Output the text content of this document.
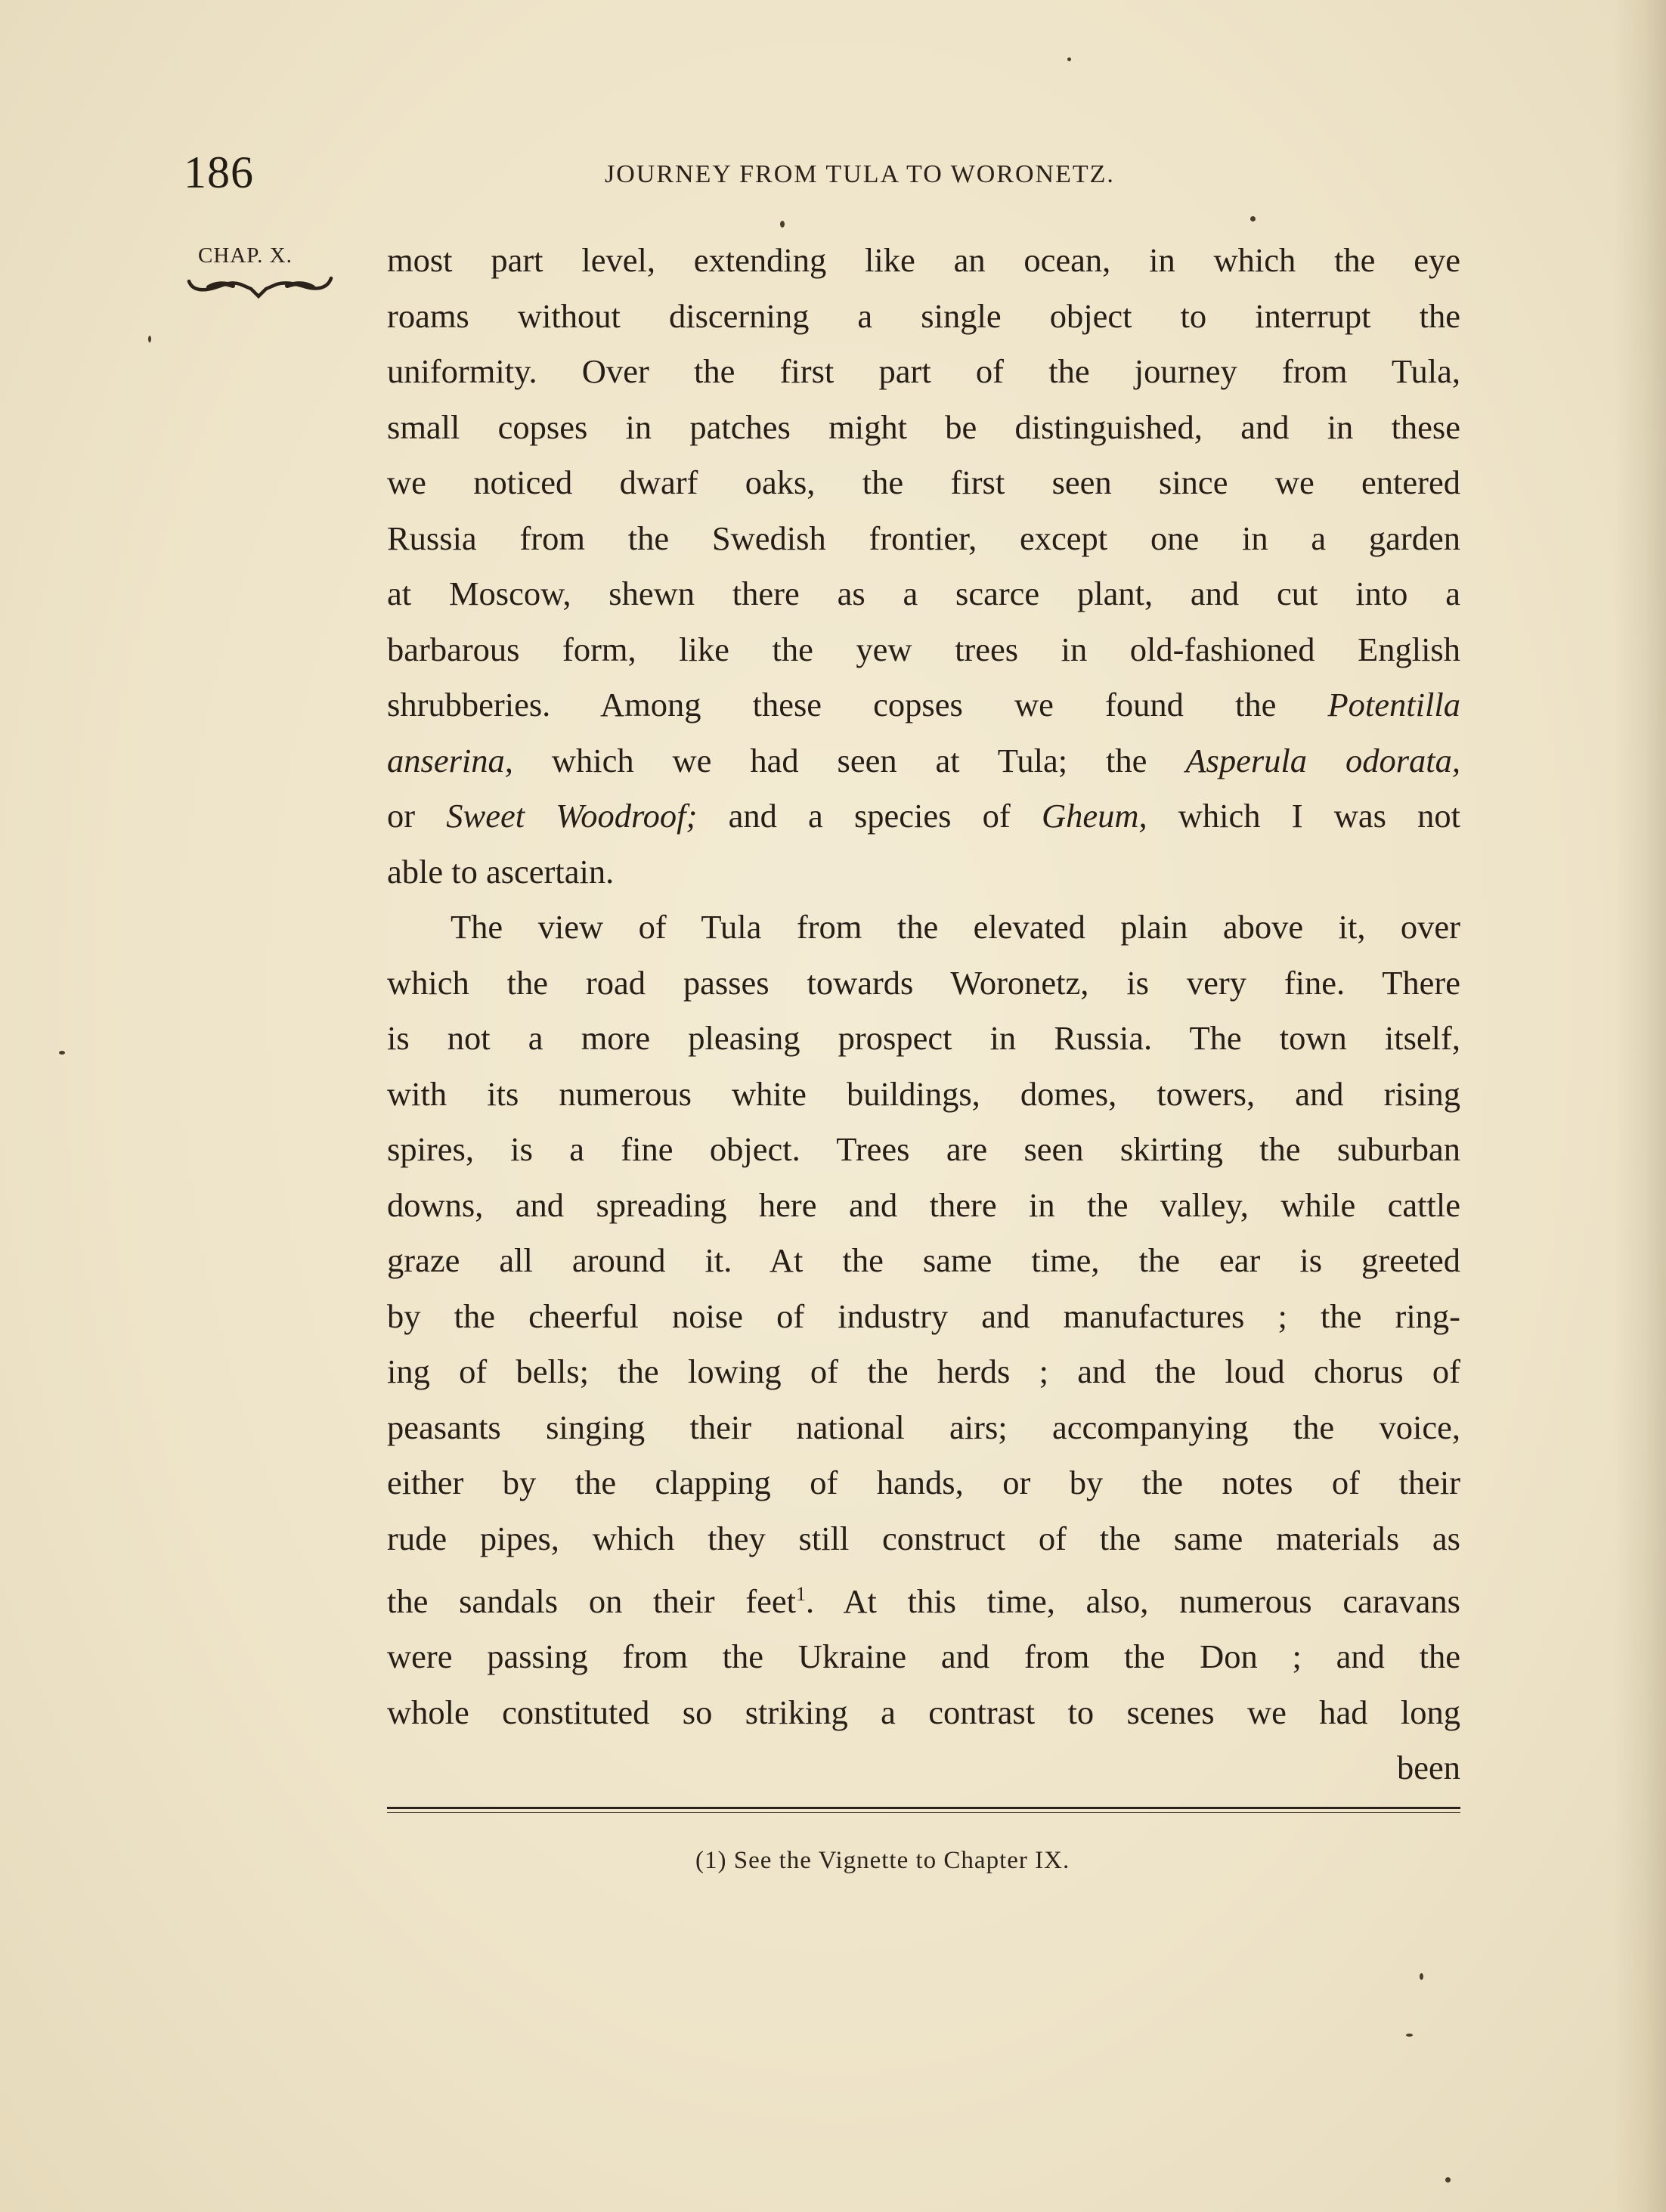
186	JOURNEY FROM TULA TO WORONETZ.
CHAP. X.	most part level, extending like an ocean, in which the eye
roams without discerning a single object to interrupt the
uniformity. Over the first part of the journey from Tula,
small copses in patches might be distinguished, and in these
we noticed dwarf oaks, the first seen since we entered
Russia from the Swedish frontier, except one in a garden
at Moscow, shewn there as a scarce plant, and cut into a
barbarous form, like the yew trees in old-fashioned English
shrubberies. Among these copses we found the Potentilla
anserina, which we had seen at Tula; the Asperula odorata,
or Sweet Woodroof; and a species of Gheum, which I was not
able to ascertain.
The view of Tula from the elevated plain above it, over
which the road passes towards Woronetz, is very fine. There
is not a more pleasing prospect in Russia. The town itself,
with its numerous white buildings, domes, towers, and rising
spires, is a fine object. Trees are seen skirting the suburban
downs, and spreading here and there in the valley, while cattle
graze all around it. At the same time, the ear is greeted
by the cheerful noise of industry and manufactures ; the ring-
ing of bells; the lowing of the herds ; and the loud chorus of
peasants singing their national airs; accompanying the voice,
either by the clapping of hands, or by the notes of their
rude pipes, which they still construct of the same materials as
the sandals on their feet$^1$. At this time, also, numerous caravans
were passing from the Ukraine and from the Don ; and the
whole constituted so striking a contrast to scenes we had long
been
(1) See the Vignette to Chapter IX.
